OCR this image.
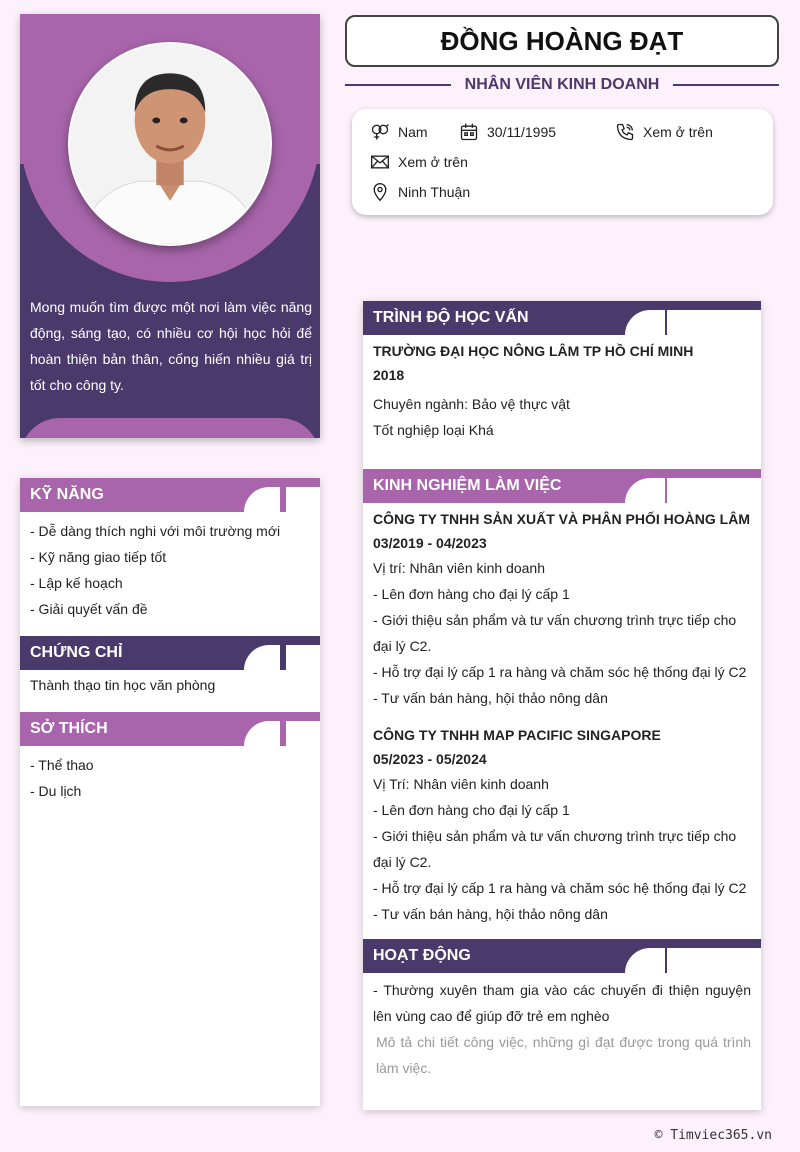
Mong muốn tìm được một nơi làm việc năng động, sáng tạo, có nhiều cơ hội học hỏi để hoàn thiện bản thân, cống hiến nhiều giá trị tốt cho công ty.
KỸ NĂNG
- Dễ dàng thích nghi với môi trường mới
- Kỹ năng giao tiếp tốt
- Lập kế hoạch
- Giải quyết vấn đề
CHỨNG CHỈ
Thành thạo tin học văn phòng
SỞ THÍCH
- Thể thao
- Du lịch
ĐỒNG HOÀNG ĐẠT
NHÂN VIÊN KINH DOANH
Nam	30/11/1995	Xem ở trên
Xem ở trên
Ninh Thuận
TRÌNH ĐỘ HỌC VẤN
TRƯỜNG ĐẠI HỌC NÔNG LÂM TP HỒ CHÍ MINH
2018
Chuyên ngành: Bảo vệ thực vật
Tốt nghiệp loại Khá
KINH NGHIỆM LÀM VIỆC
CÔNG TY TNHH SẢN XUẤT VÀ PHÂN PHỐI HOÀNG LÂM
03/2019 - 04/2023
Vị trí: Nhân viên kinh doanh
- Lên đơn hàng cho đại lý cấp 1
- Giới thiệu sản phẩm và tư vấn chương trình trực tiếp cho đại lý C2.
- Hỗ trợ đại lý cấp 1 ra hàng và chăm sóc hệ thống đại lý C2
- Tư vấn bán hàng, hội thảo nông dân
CÔNG TY TNHH MAP PACIFIC SINGAPORE
05/2023 - 05/2024
Vị Trí: Nhân viên kinh doanh
- Lên đơn hàng cho đại lý cấp 1
- Giới thiệu sản phẩm và tư vấn chương trình trực tiếp cho đại lý C2.
- Hỗ trợ đại lý cấp 1 ra hàng và chăm sóc hệ thống đại lý C2
- Tư vấn bán hàng, hội thảo nông dân
HOẠT ĐỘNG
- Thường xuyên tham gia vào các chuyến đi thiện nguyện lên vùng cao để giúp đỡ trẻ em nghèo
Mô tả chi tiết công việc, những gì đạt được trong quá trình làm việc.
© Timviec365.vn
